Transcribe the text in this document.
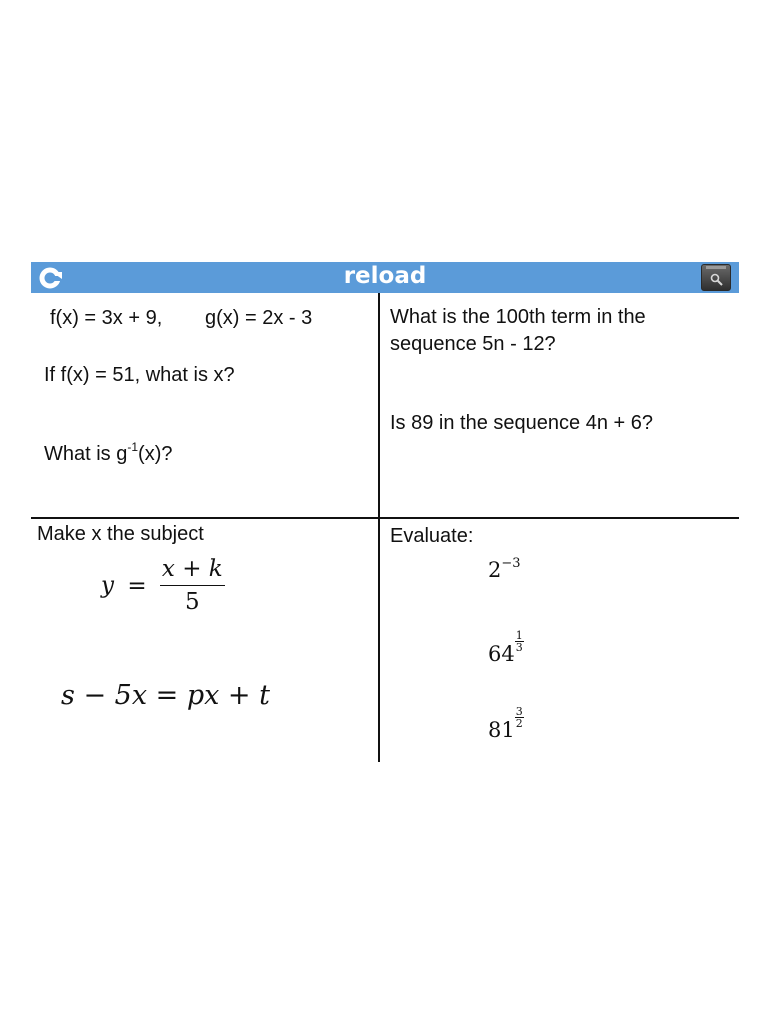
reload
f(x) = 3x + 9, g(x) = 2x - 3
If f(x) = 51, what is x?
What is $g^{-1}(x)$?
What is the 100th term in the
sequence 5n - 12?
Is 89 in the sequence 4n + 6?
Make x the subject
$y = \frac{x + k}{5}$
s − 5x = px + t
Evaluate:
$2^{-3}$
64
$\frac{1}{3}$
81
$\frac{3}{2}$
